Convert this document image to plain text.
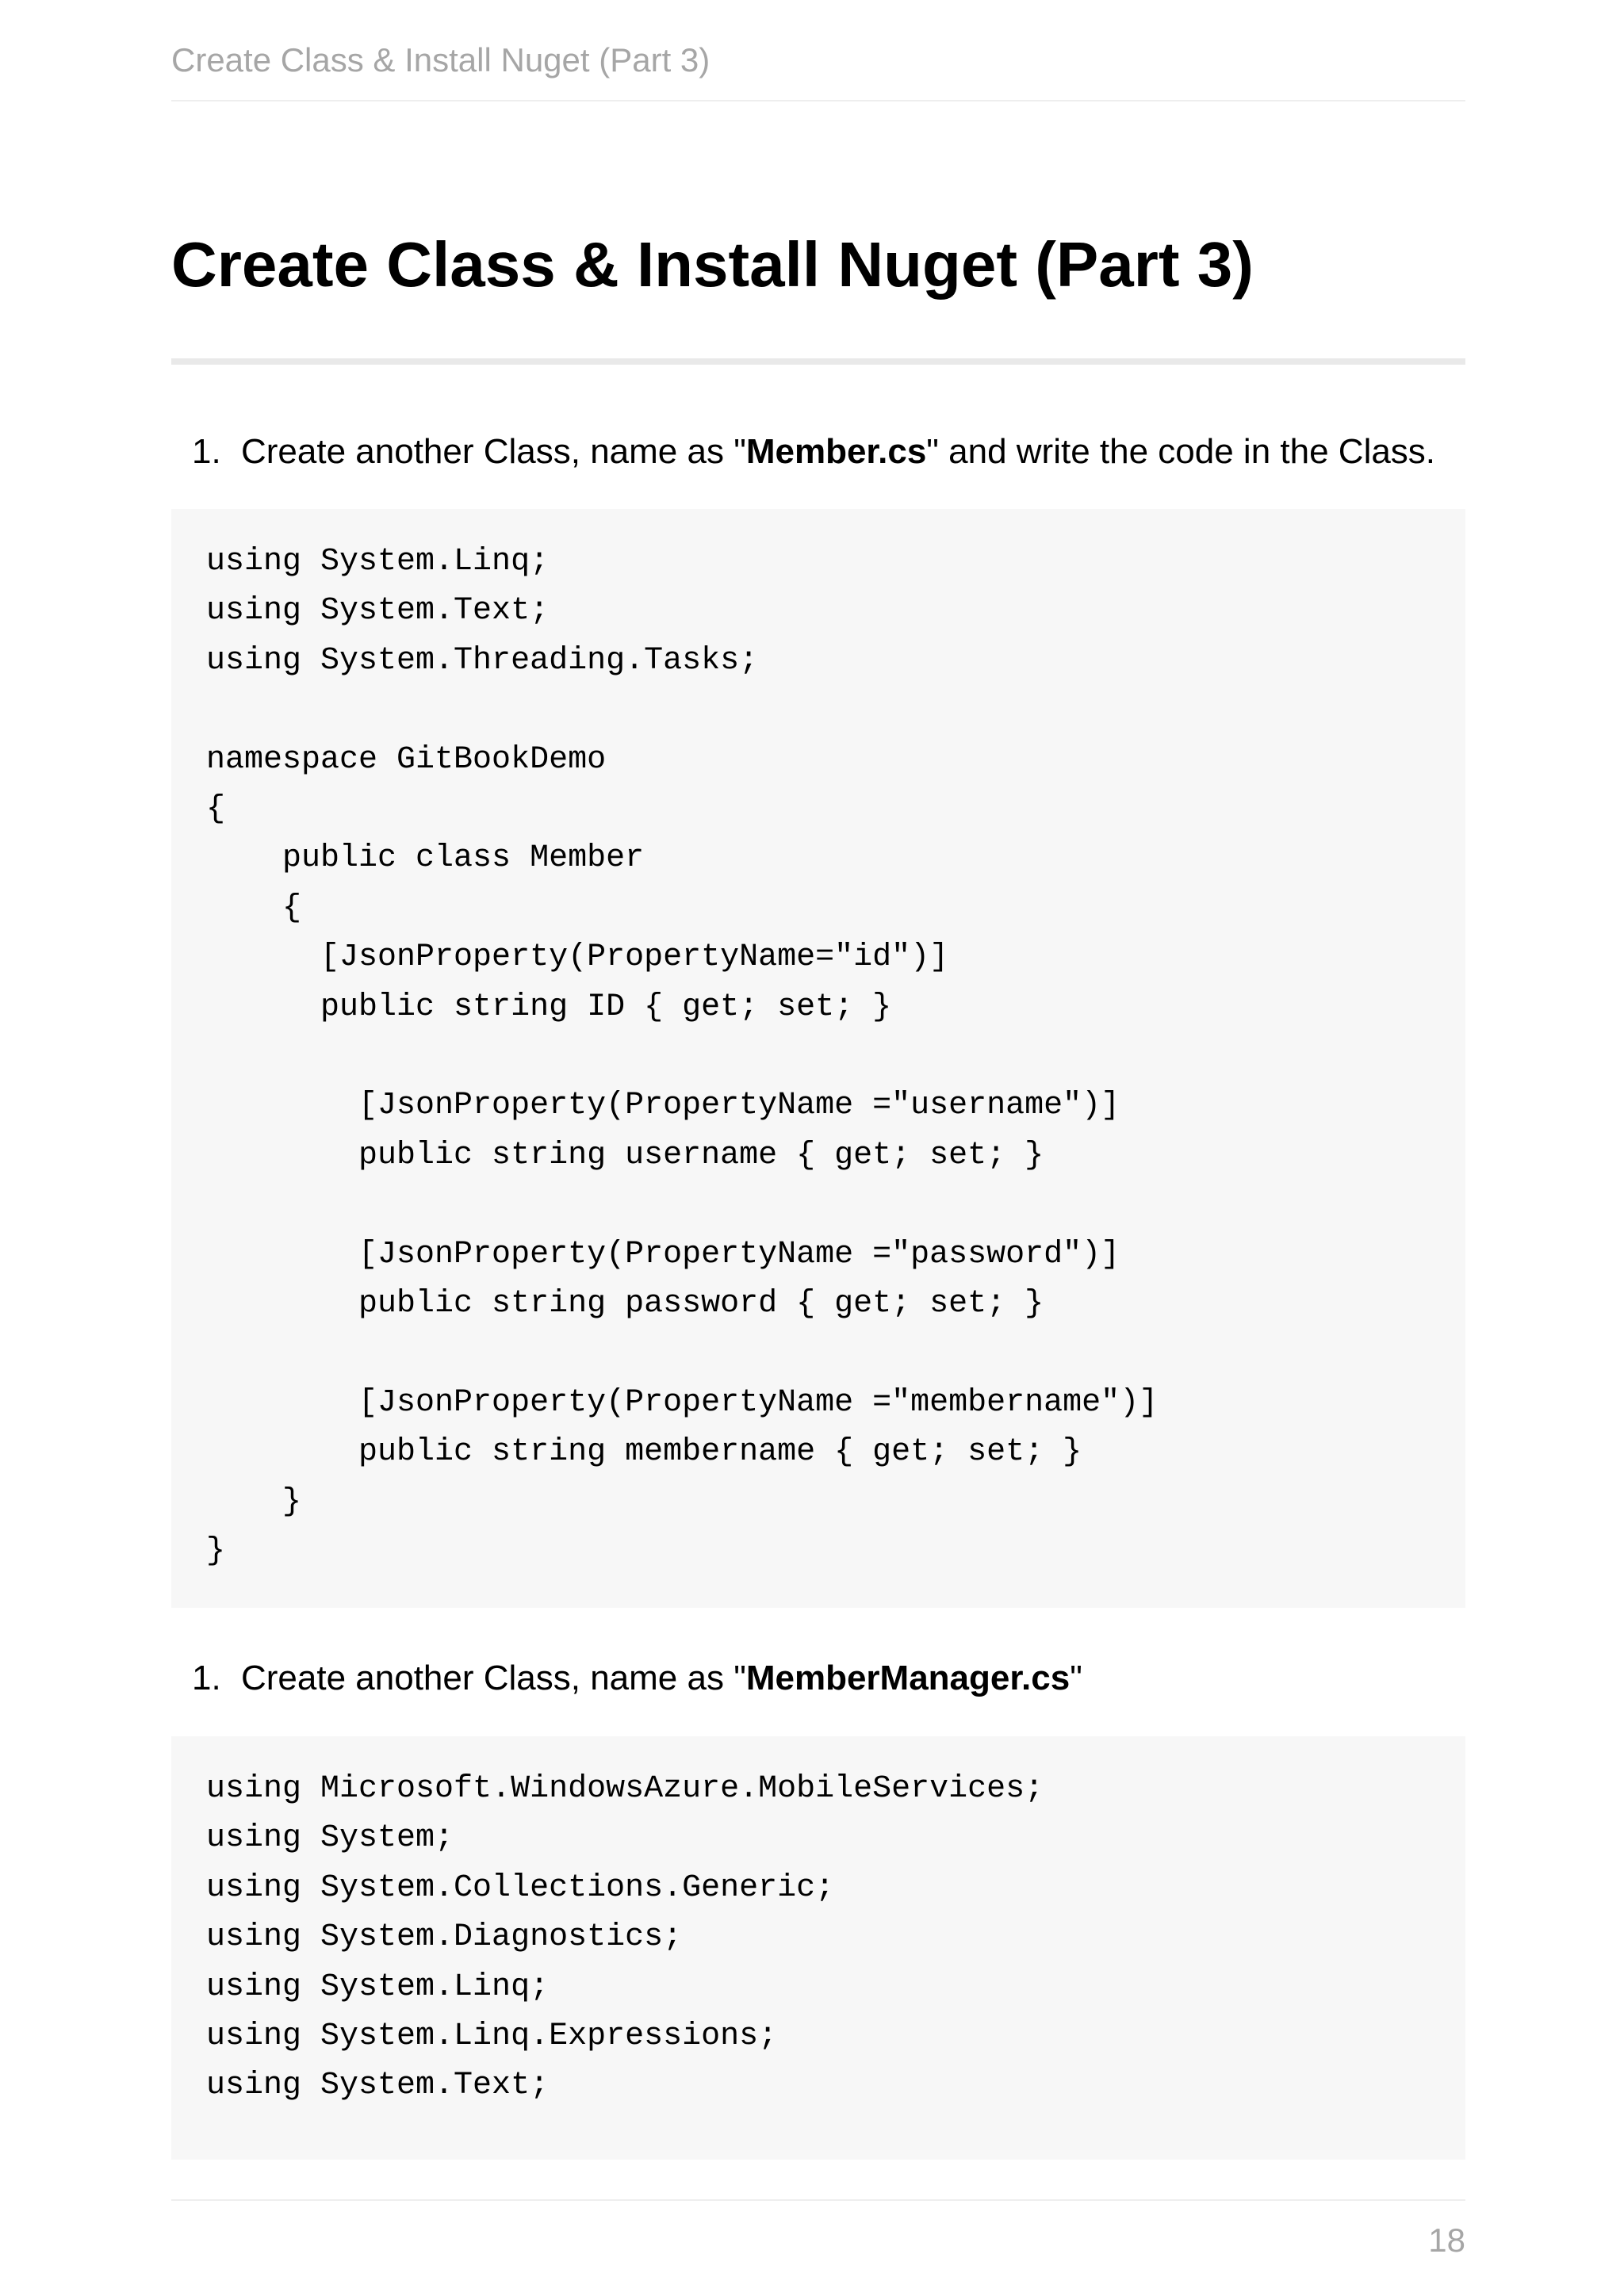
Create Class & Install Nuget (Part 3)
Create Class & Install Nuget (Part 3)
1. Create another Class, name as "Member.cs" and write the code in the Class.
using System.Linq;
using System.Text;
using System.Threading.Tasks;

namespace GitBookDemo
{
public class Member
{
[JsonProperty(PropertyName="id")]
public string ID { get; set; }

[JsonProperty(PropertyName ="username")]
public string username { get; set; }

[JsonProperty(PropertyName ="password")]
public string password { get; set; }

[JsonProperty(PropertyName ="membername")]
public string membername { get; set; }
}
}
1. Create another Class, name as "MemberManager.cs"
using Microsoft.WindowsAzure.MobileServices;
using System;
using System.Collections.Generic;
using System.Diagnostics;
using System.Linq;
using System.Linq.Expressions;
using System.Text;
18
